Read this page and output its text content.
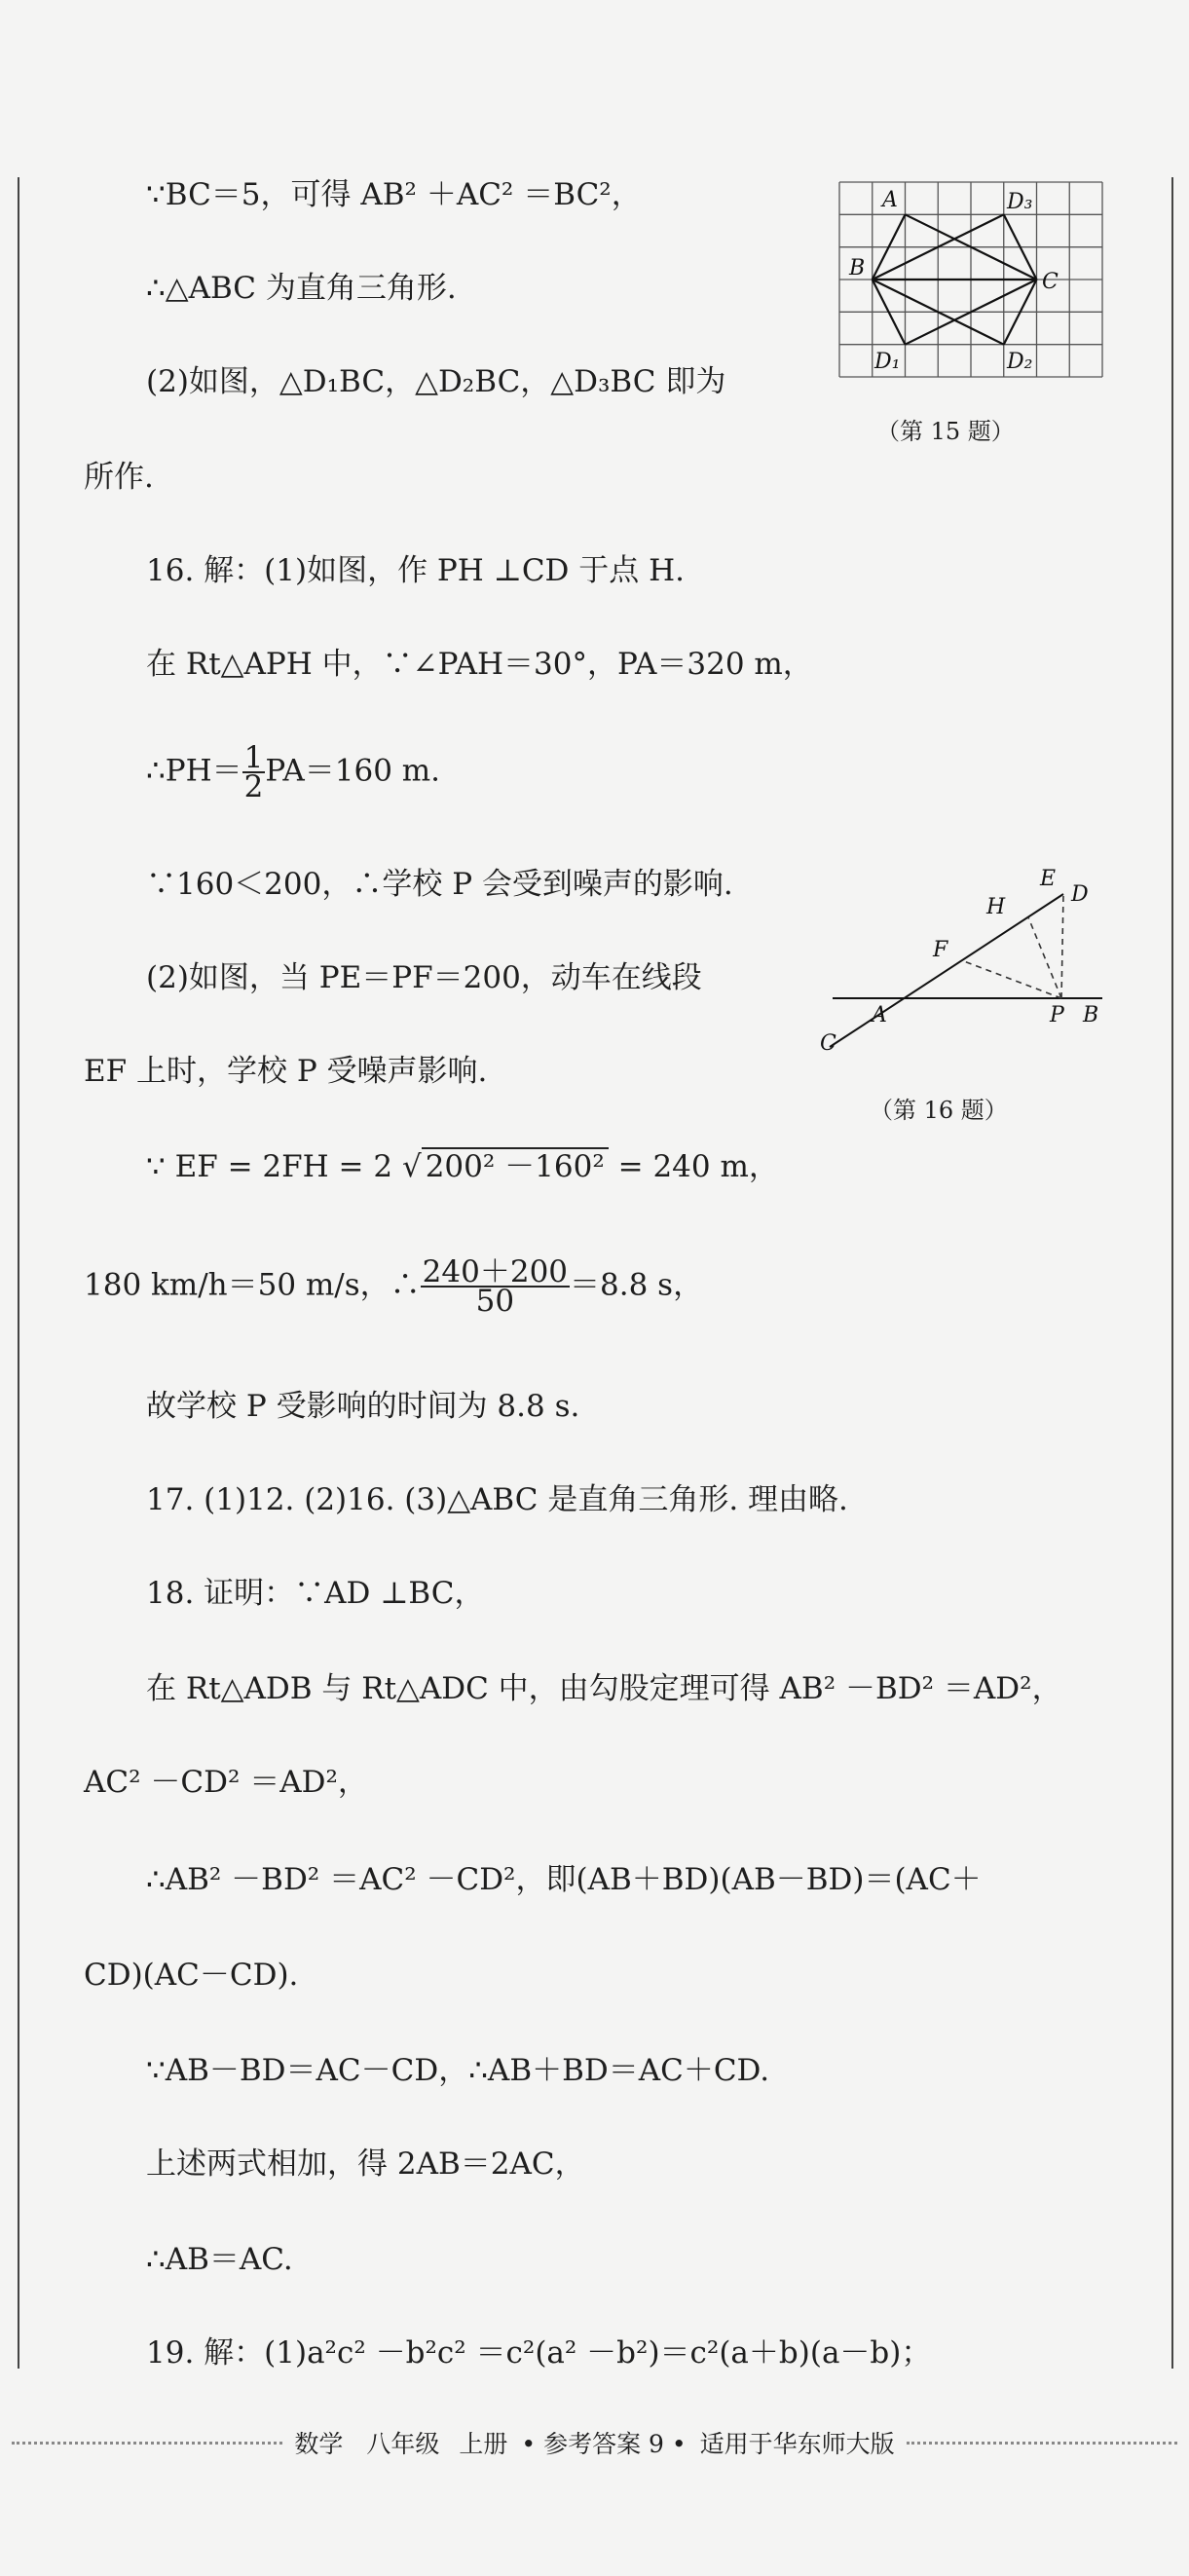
∵BC＝5，可得 AB² ＋AC² ＝BC²，
∴△ABC 为直角三角形.
(2)如图，△D₁BC，△D₂BC，△D₃BC 即为
所作.
16. 解：(1)如图，作 PH ⊥CD 于点 H.
在 Rt△APH 中，∵∠PAH＝30°，PA＝320 m，
∴PH＝ $\frac{1}{2} PA=160$ m.
∵160＜200，∴学校 P 会受到噪声的影响.
(2)如图，当 PE＝PF＝200，动车在线段
EF 上时，学校 P 受噪声影响.
∵ EF = 2FH = 2 √ 200² －160² = 240 m，
180 km/h＝50 m/s，∴ $\frac{240+200}{50} =8.8$ s，
故学校 P 受影响的时间为 8.8 s.
17. (1)12. (2)16. (3)△ABC 是直角三角形. 理由略.
18. 证明：∵AD ⊥BC，
在 Rt△ADB 与 Rt△ADC 中，由勾股定理可得 AB² －BD² ＝AD²，
AC² －CD² ＝AD²，
∴AB² －BD² ＝AC² －CD²，即(AB＋BD)(AB－BD)＝(AC＋
CD)(AC－CD).
∵AB－BD＝AC－CD，∴AB＋BD＝AC＋CD.
上述两式相加，得 2AB＝2AC，
∴AB＝AC.
19. 解：(1)a²c² －b²c² ＝c²(a² －b²)＝c²(a＋b)(a－b)；
A
B
C
D₃
D₁	D₂
（第 15 题）
E
D
H
F
A	P B
C
（第 16 题）
数学 八年级 上册 • 参考答案 9 • 适用于华东师大版
